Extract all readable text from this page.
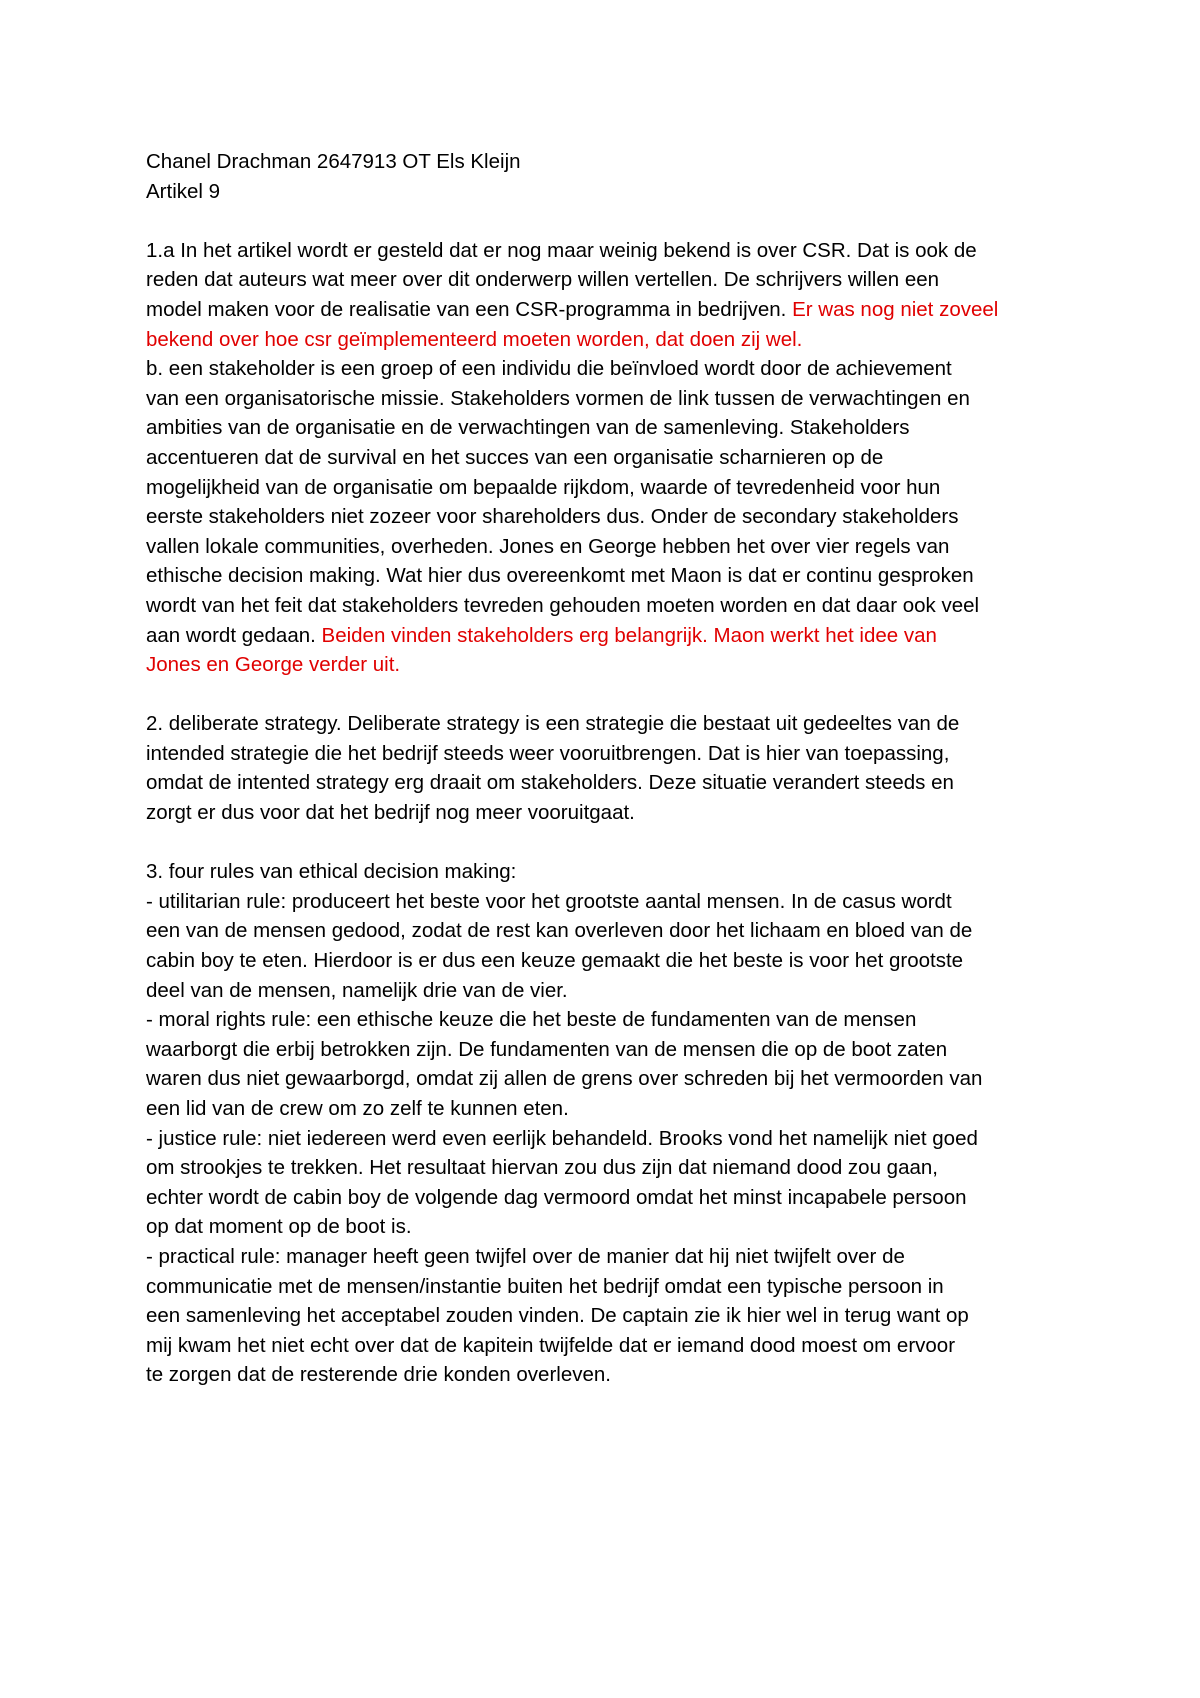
Chanel Drachman 2647913 OT Els Kleijn
Artikel 9
1.a In het artikel wordt er gesteld dat er nog maar weinig bekend is over CSR. Dat is ook de
reden dat auteurs wat meer over dit onderwerp willen vertellen. De schrijvers willen een
model maken voor de realisatie van een CSR-programma in bedrijven. Er was nog niet zoveel
bekend over hoe csr geïmplementeerd moeten worden, dat doen zij wel.
b. een stakeholder is een groep of een individu die beïnvloed wordt door de achievement
van een organisatorische missie. Stakeholders vormen de link tussen de verwachtingen en
ambities van de organisatie en de verwachtingen van de samenleving. Stakeholders
accentueren dat de survival en het succes van een organisatie scharnieren op de
mogelijkheid van de organisatie om bepaalde rijkdom, waarde of tevredenheid voor hun
eerste stakeholders niet zozeer voor shareholders dus. Onder de secondary stakeholders
vallen lokale communities, overheden. Jones en George hebben het over vier regels van
ethische decision making. Wat hier dus overeenkomt met Maon is dat er continu gesproken
wordt van het feit dat stakeholders tevreden gehouden moeten worden en dat daar ook veel
aan wordt gedaan. Beiden vinden stakeholders erg belangrijk. Maon werkt het idee van
Jones en George verder uit.
2. deliberate strategy. Deliberate strategy is een strategie die bestaat uit gedeeltes van de
intended strategie die het bedrijf steeds weer vooruitbrengen. Dat is hier van toepassing,
omdat de intented strategy erg draait om stakeholders. Deze situatie verandert steeds en
zorgt er dus voor dat het bedrijf nog meer vooruitgaat.
3. four rules van ethical decision making:
- utilitarian rule: produceert het beste voor het grootste aantal mensen. In de casus wordt
een van de mensen gedood, zodat de rest kan overleven door het lichaam en bloed van de
cabin boy te eten. Hierdoor is er dus een keuze gemaakt die het beste is voor het grootste
deel van de mensen, namelijk drie van de vier.
- moral rights rule: een ethische keuze die het beste de fundamenten van de mensen
waarborgt die erbij betrokken zijn. De fundamenten van de mensen die op de boot zaten
waren dus niet gewaarborgd, omdat zij allen de grens over schreden bij het vermoorden van
een lid van de crew om zo zelf te kunnen eten.
- justice rule: niet iedereen werd even eerlijk behandeld. Brooks vond het namelijk niet goed
om strookjes te trekken. Het resultaat hiervan zou dus zijn dat niemand dood zou gaan,
echter wordt de cabin boy de volgende dag vermoord omdat het minst incapabele persoon
op dat moment op de boot is.
- practical rule: manager heeft geen twijfel over de manier dat hij niet twijfelt over de
communicatie met de mensen/instantie buiten het bedrijf omdat een typische persoon in
een samenleving het acceptabel zouden vinden. De captain zie ik hier wel in terug want op
mij kwam het niet echt over dat de kapitein twijfelde dat er iemand dood moest om ervoor
te zorgen dat de resterende drie konden overleven.
